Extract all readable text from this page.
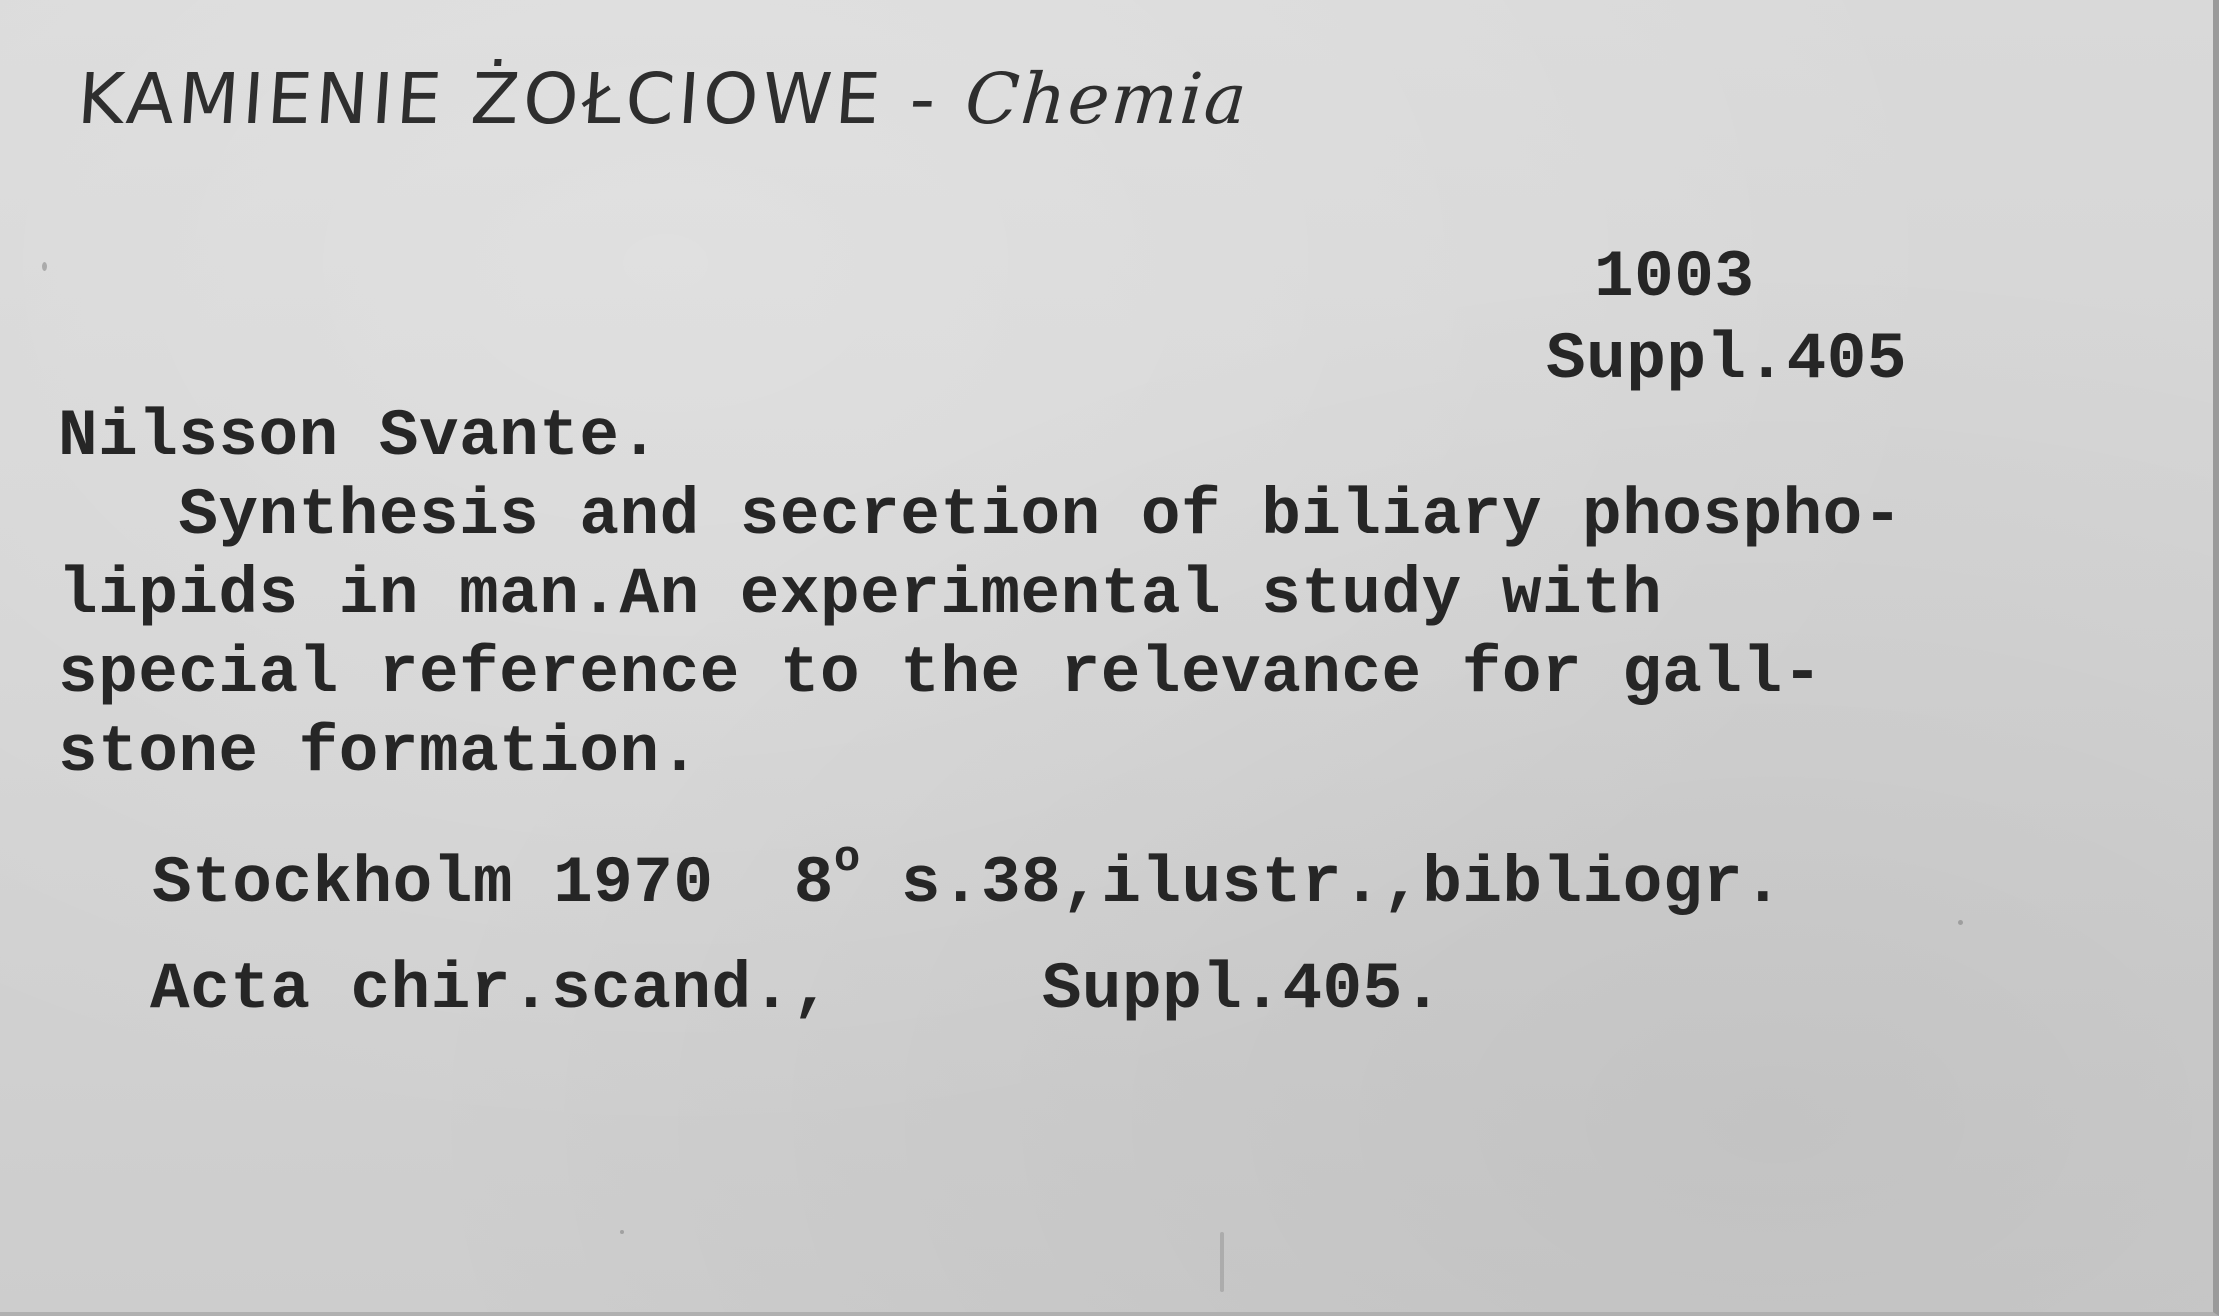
KAMIENIE ŻOŁCIOWE - Chemia

1003

Suppl.405

Nilsson Svante.

Synthesis and secretion of biliary phospho-
lipids in man.An experimental study with
special reference to the relevance for gall-
stone formation.

Stockholm 1970  8$^o$ s.38,ilustr.,bibliogr.

Acta chir.scand.,	Suppl.405.
